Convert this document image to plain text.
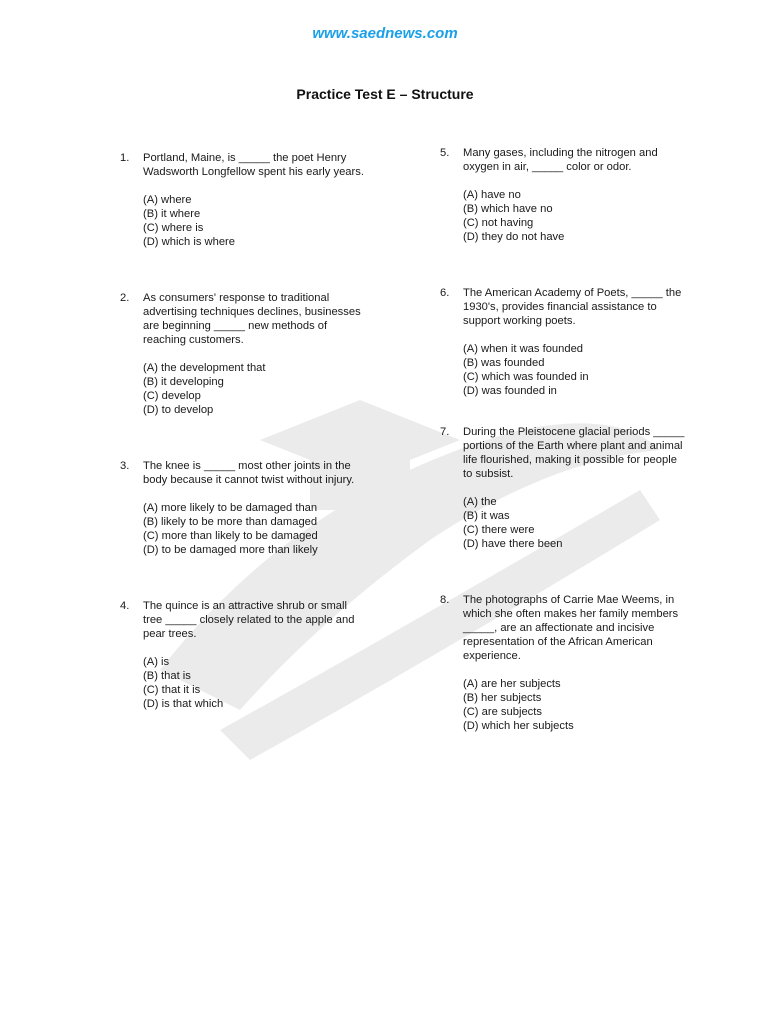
www.saednews.com
Practice Test E – Structure
1. Portland, Maine, is _____ the poet Henry Wadsworth Longfellow spent his early years.
(A) where
(B) it where
(C) where is
(D) which is where
2. As consumers' response to traditional advertising techniques declines, businesses are beginning _____ new methods of reaching customers.
(A) the development that
(B) it developing
(C) develop
(D) to develop
3. The knee is _____ most other joints in the body because it cannot twist without injury.
(A) more likely to be damaged than
(B) likely to be more than damaged
(C) more than likely to be damaged
(D) to be damaged more than likely
4. The quince is an attractive shrub or small tree _____ closely related to the apple and pear trees.
(A) is
(B) that is
(C) that it is
(D) is that which
5. Many gases, including the nitrogen and oxygen in air, _____ color or odor.
(A) have no
(B) which have no
(C) not having
(D) they do not have
6. The American Academy of Poets, _____ the 1930's, provides financial assistance to support working poets.
(A) when it was founded
(B) was founded
(C) which was founded in
(D) was founded in
7. During the Pleistocene glacial periods _____ portions of the Earth where plant and animal life flourished, making it possible for people to subsist.
(A) the
(B) it was
(C) there were
(D) have there been
8. The photographs of Carrie Mae Weems, in which she often makes her family members _____, are an affectionate and incisive representation of the African American experience.
(A) are her subjects
(B) her subjects
(C) are subjects
(D) which her subjects
